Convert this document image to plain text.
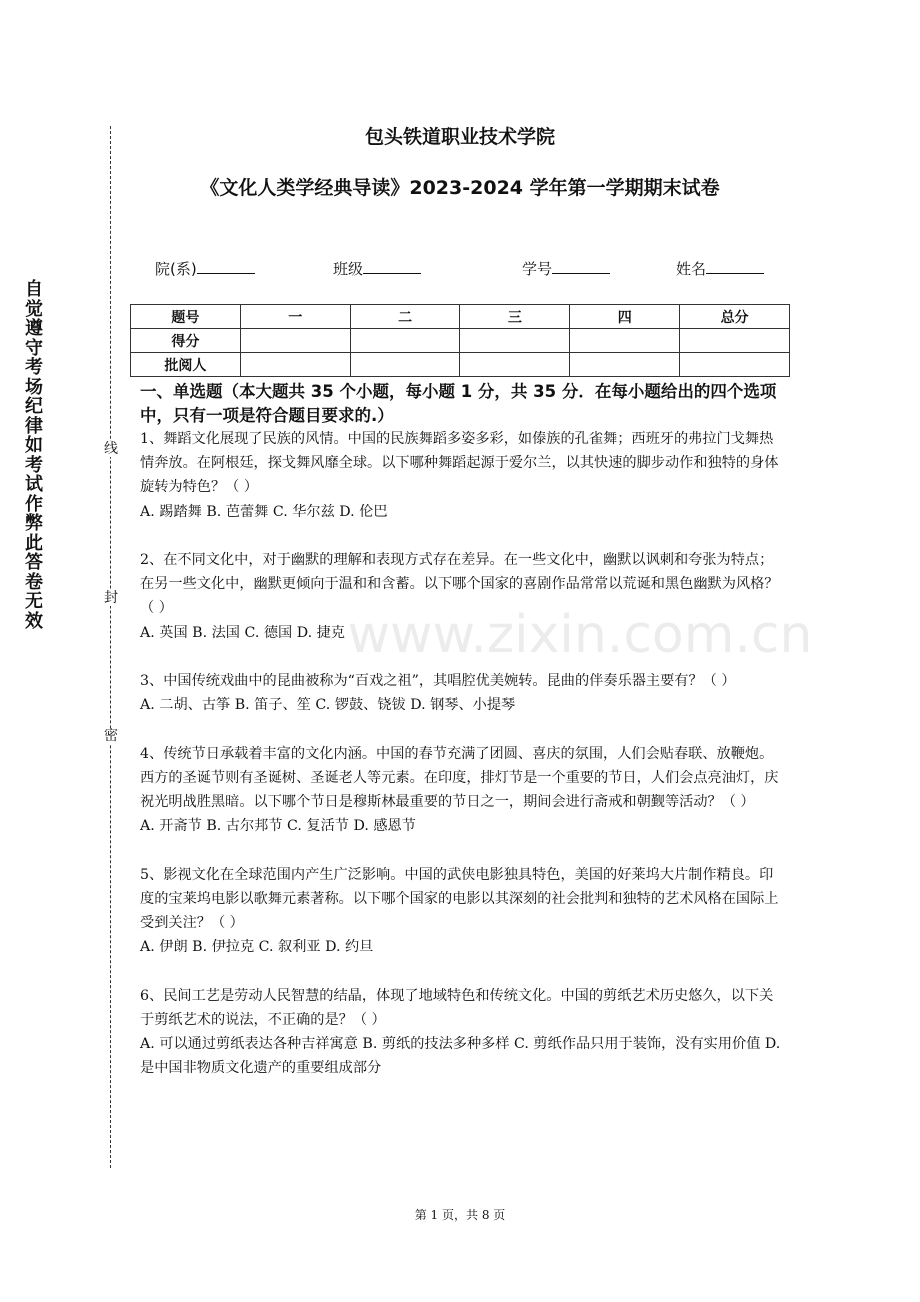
自觉遵守考场纪律如考试作弊此答卷无效
线
封
密
包头铁道职业技术学院
《文化人类学经典导读》2023-2024 学年第一学期期末试卷
院(系)	班级	学号	姓名
题号	一	二	三	四	总分
得分					
批阅人					
一、单选题（本大题共 35 个小题，每小题 1 分，共 35 分．在每小题给出的四个选项中，只有一项是符合题目要求的.）

1、舞蹈文化展现了民族的风情。中国的民族舞蹈多姿多彩，如傣族的孔雀舞；西班牙的弗拉门戈舞热情奔放。在阿根廷，探戈舞风靡全球。以下哪种舞蹈起源于爱尔兰，以其快速的脚步动作和独特的身体旋转为特色？（ ）

A. 踢踏舞 B. 芭蕾舞 C. 华尔兹 D. 伦巴

2、在不同文化中，对于幽默的理解和表现方式存在差异。在一些文化中，幽默以讽刺和夸张为特点；在另一些文化中，幽默更倾向于温和和含蓄。以下哪个国家的喜剧作品常常以荒诞和黑色幽默为风格？（ ）

A. 英国 B. 法国 C. 德国 D. 捷克

3、中国传统戏曲中的昆曲被称为“百戏之祖”，其唱腔优美婉转。昆曲的伴奏乐器主要有？（ ）

A. 二胡、古筝 B. 笛子、笙 C. 锣鼓、铙钹 D. 钢琴、小提琴

4、传统节日承载着丰富的文化内涵。中国的春节充满了团圆、喜庆的氛围，人们会贴春联、放鞭炮。西方的圣诞节则有圣诞树、圣诞老人等元素。在印度，排灯节是一个重要的节日，人们会点亮油灯，庆祝光明战胜黑暗。以下哪个节日是穆斯林最重要的节日之一，期间会进行斋戒和朝觐等活动？（ ）

A. 开斋节 B. 古尔邦节 C. 复活节 D. 感恩节

5、影视文化在全球范围内产生广泛影响。中国的武侠电影独具特色，美国的好莱坞大片制作精良。印度的宝莱坞电影以歌舞元素著称。以下哪个国家的电影以其深刻的社会批判和独特的艺术风格在国际上受到关注？（ ）

A. 伊朗 B. 伊拉克 C. 叙利亚 D. 约旦

6、民间工艺是劳动人民智慧的结晶，体现了地域特色和传统文化。中国的剪纸艺术历史悠久，以下关于剪纸艺术的说法，不正确的是？（ ）

A. 可以通过剪纸表达各种吉祥寓意 B. 剪纸的技法多种多样 C. 剪纸作品只用于装饰，没有实用价值 D. 是中国非物质文化遗产的重要组成部分

www.zixin.com.cn
第 1 页，共 8 页
